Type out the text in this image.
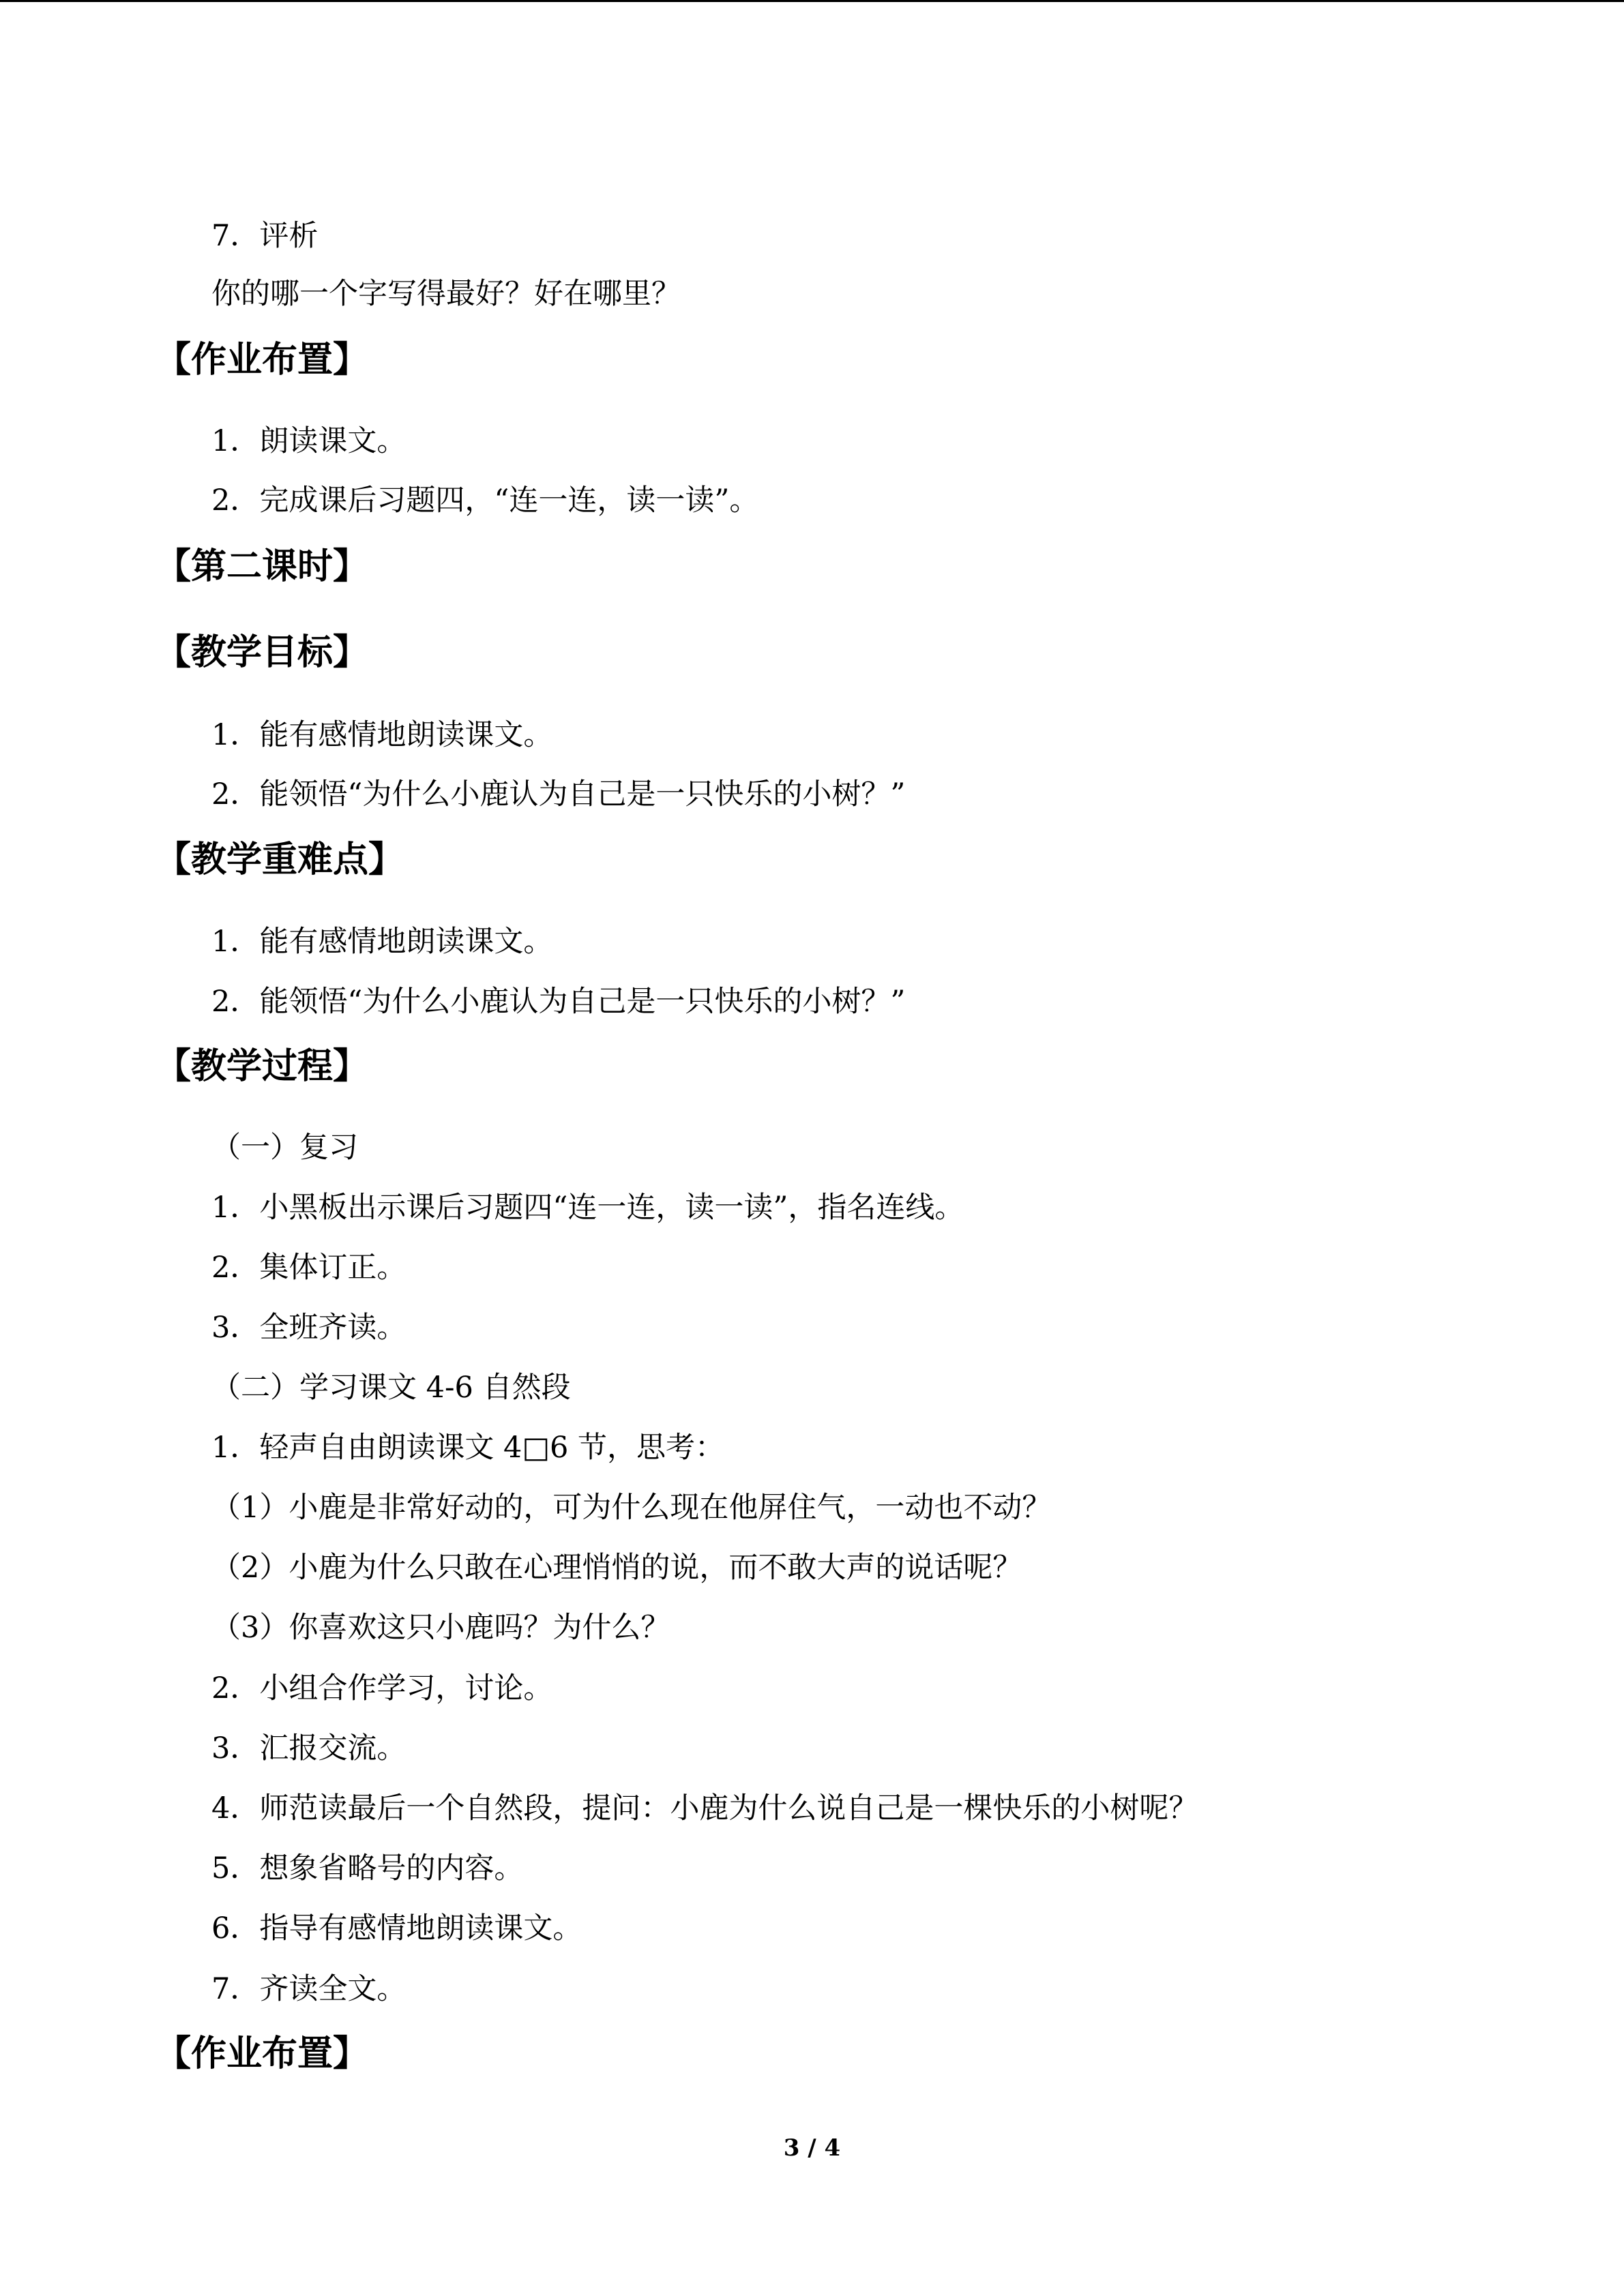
7．评析
你的哪一个字写得最好？好在哪里？
【作业布置】
1．朗读课文。
2．完成课后习题四，“连一连，读一读”。
【第二课时】
【教学目标】
1．能有感情地朗读课文。
2．能领悟“为什么小鹿认为自己是一只快乐的小树？”
【教学重难点】
1．能有感情地朗读课文。
2．能领悟“为什么小鹿认为自己是一只快乐的小树？”
【教学过程】
（一）复习
1．小黑板出示课后习题四“连一连，读一读”，指名连线。
2．集体订正。
3．全班齐读。
（二）学习课文 4-6 自然段
1．轻声自由朗读课文 4□6 节，思考：
（1）小鹿是非常好动的，可为什么现在他屏住气，一动也不动？
（2）小鹿为什么只敢在心理悄悄的说，而不敢大声的说话呢？
（3）你喜欢这只小鹿吗？为什么？
2．小组合作学习，讨论。
3．汇报交流。
4．师范读最后一个自然段，提问：小鹿为什么说自己是一棵快乐的小树呢？
5．想象省略号的内容。
6．指导有感情地朗读课文。
7．齐读全文。
【作业布置】
3 / 4
